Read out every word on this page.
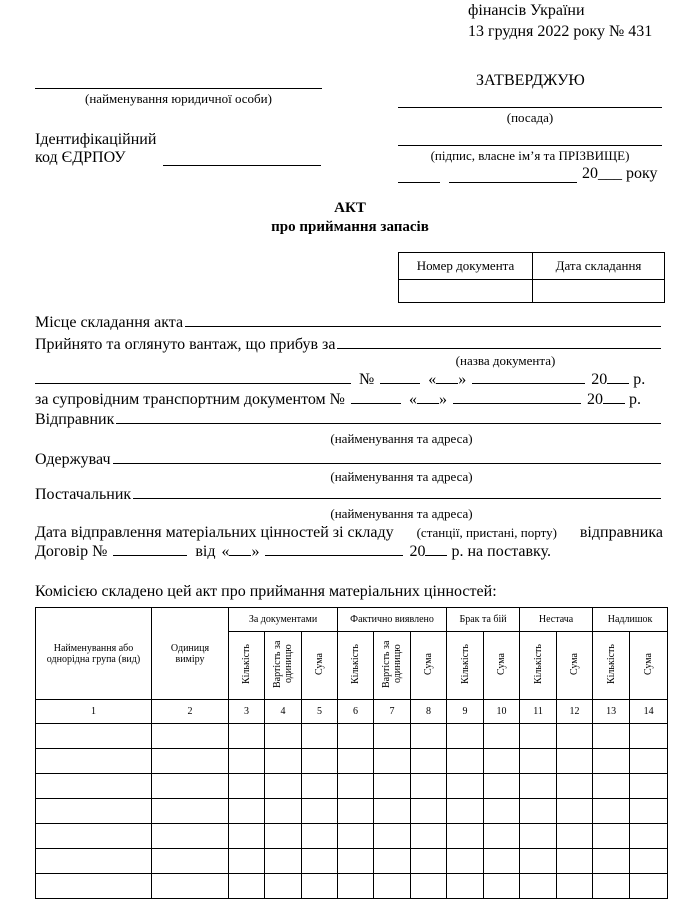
фінансів України
13 грудня 2022 року № 431
(найменування юридичної особи)
ЗАТВЕРДЖУЮ
(посада)
(підпис, власне ім’я та ПРІЗВИЩЕ)
20___ року
Ідентифікаційний
код ЄДРПОУ
АКТ
про приймання запасів
Номер документа	Дата складання

Місце складання акта
Прийнято та оглянуто вантаж, що прибув за
(назва документа)
№	« »	20 р.
за супровідним транспортним документом №	« »	20 р.
Відправник
(найменування та адреса)
Одержувач
(найменування та адреса)
Постачальник
(найменування та адреса)
Дата відправлення матеріальних цінностей зі складу (станції, пристані, порту) відправника
Договір №	від « »	20 р. на поставку.
Комісією складено цей акт про приймання матеріальних цінностей:
Найменування або однорідна група (вид)	Одиниця виміру	За документами			Фактично виявлено			Брак та бій		Нестача		Надлишок	
		Кількість	Вартість за одиницю	Сума	Кількість	Вартість за одиницю	Сума	Кількість	Сума	Кількість	Сума	Кількість	Сума
1	2	3	4	5	6	7	8	9	10	11	12	13	14
